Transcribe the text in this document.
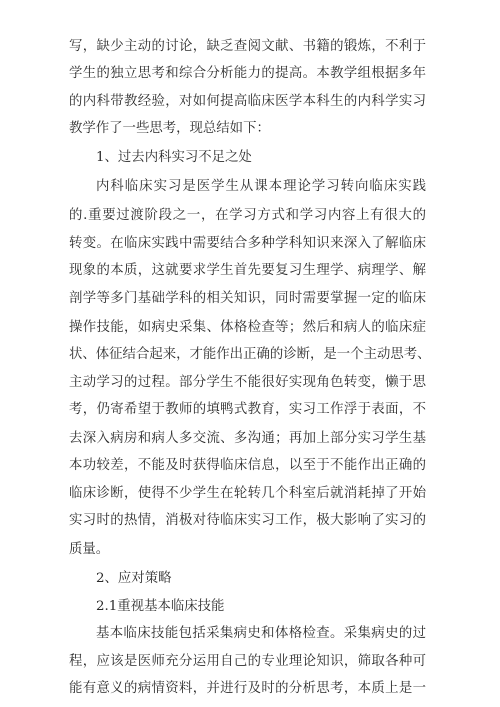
写，缺少主动的讨论，缺乏查阅文献、书籍的锻炼，不利于
学生的独立思考和综合分析能力的提高。本教学组根据多年
的内科带教经验，对如何提高临床医学本科生的内科学实习
教学作了一些思考，现总结如下：
1、过去内科实习不足之处
内科临床实习是医学生从课本理论学习转向临床实践
的.重要过渡阶段之一，在学习方式和学习内容上有很大的
转变。在临床实践中需要结合多种学科知识来深入了解临床
现象的本质，这就要求学生首先要复习生理学、病理学、解
剖学等多门基础学科的相关知识，同时需要掌握一定的临床
操作技能，如病史采集、体格检查等；然后和病人的临床症
状、体征结合起来，才能作出正确的诊断，是一个主动思考、
主动学习的过程。部分学生不能很好实现角色转变，懒于思
考，仍寄希望于教师的填鸭式教育，实习工作浮于表面，不
去深入病房和病人多交流、多沟通；再加上部分实习学生基
本功较差，不能及时获得临床信息，以至于不能作出正确的
临床诊断，使得不少学生在轮转几个科室后就消耗掉了开始
实习时的热情，消极对待临床实习工作，极大影响了实习的
质量。
2、应对策略
2.1重视基本临床技能
基本临床技能包括采集病史和体格检查。采集病史的过
程，应该是医师充分运用自己的专业理论知识，筛取各种可
能有意义的病情资料，并进行及时的分析思考，本质上是一
